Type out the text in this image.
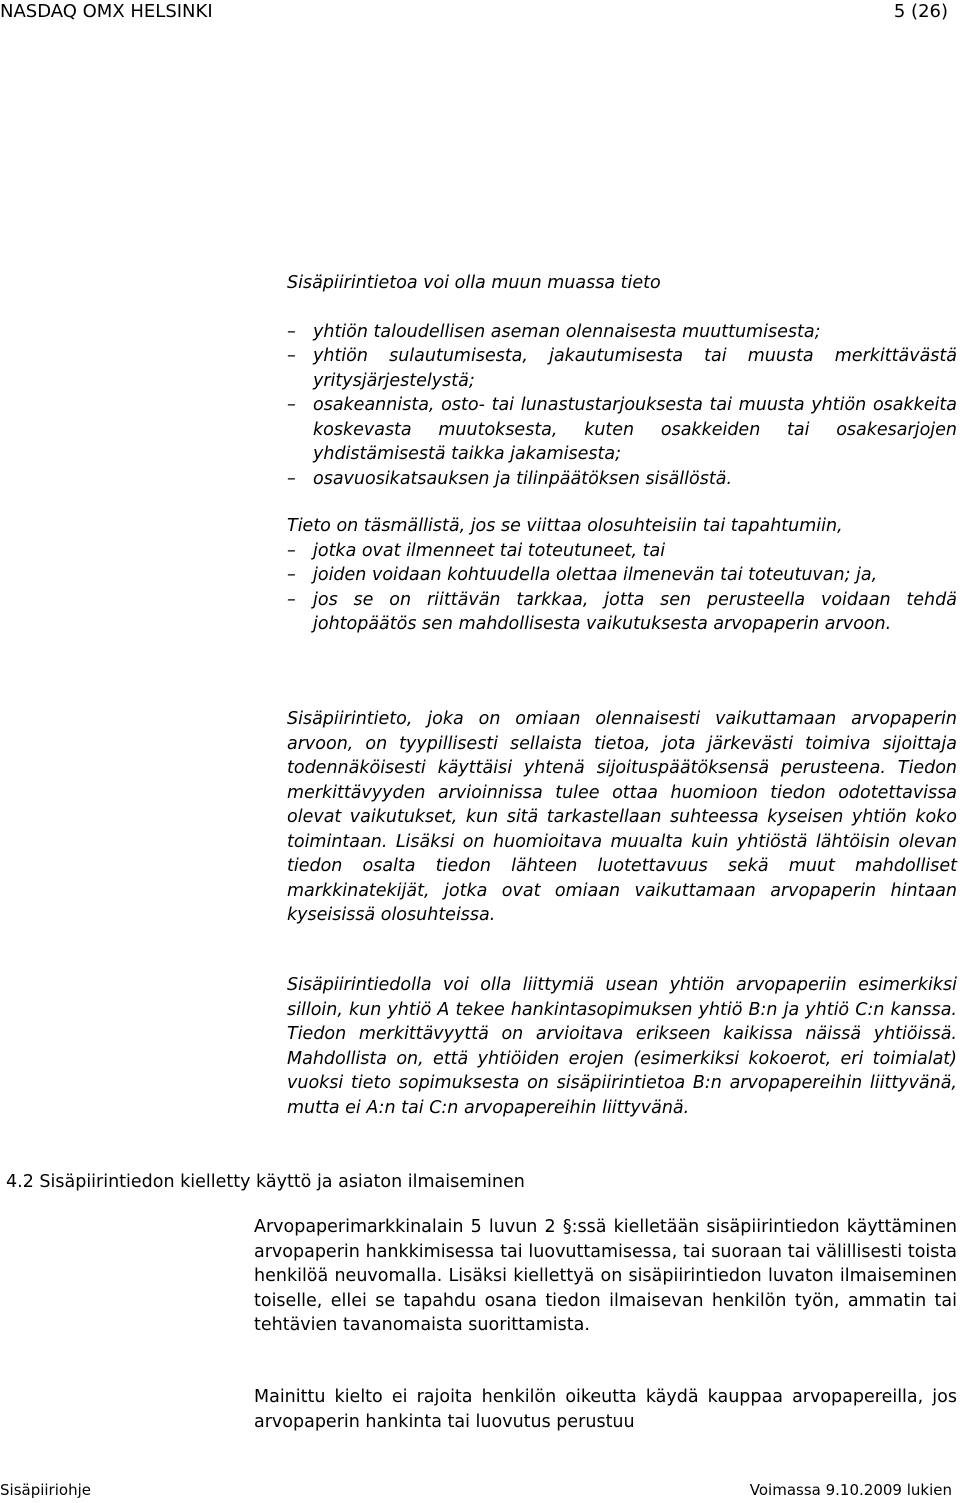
NASDAQ OMX HELSINKI	5 (26)
Sisäpiirintietoa voi olla muun muassa tieto
– yhtiön taloudellisen aseman olennaisesta muuttumisesta;
– yhtiön sulautumisesta, jakautumisesta tai muusta merkittävästä yritysjärjestelystä;
– osakeannista, osto- tai lunastustarjouksesta tai muusta yhtiön osakkeita koskevasta muutoksesta, kuten osakkeiden tai osakesarjojen yhdistämisestä taikka jakamisesta;
– osavuosikatsauksen ja tilinpäätöksen sisällöstä.
Tieto on täsmällistä, jos se viittaa olosuhteisiin tai tapahtumiin,
– jotka ovat ilmenneet tai toteutuneet, tai
– joiden voidaan kohtuudella olettaa ilmenevän tai toteutuvan; ja,
– jos se on riittävän tarkkaa, jotta sen perusteella voidaan tehdä johtopäätös sen mahdollisesta vaikutuksesta arvopaperin arvoon.
Sisäpiirintieto, joka on omiaan olennaisesti vaikuttamaan arvopaperin arvoon, on tyypillisesti sellaista tietoa, jota järkevästi toimiva sijoittaja todennäköisesti käyttäisi yhtenä sijoituspäätöksensä perusteena. Tiedon merkittävyyden arvioinnissa tulee ottaa huomioon tiedon odotettavissa olevat vaikutukset, kun sitä tarkastellaan suhteessa kyseisen yhtiön koko toimintaan. Lisäksi on huomioitava muualta kuin yhtiöstä lähtöisin olevan tiedon osalta tiedon lähteen luotettavuus sekä muut mahdolliset markkinatekijät, jotka ovat omiaan vaikuttamaan arvopaperin hintaan kyseisissä olosuhteissa.
Sisäpiirintiedolla voi olla liittymiä usean yhtiön arvopaperiin esimerkiksi silloin, kun yhtiö A tekee hankintasopimuksen yhtiö B:n ja yhtiö C:n kanssa. Tiedon merkittävyyttä on arvioitava erikseen kaikissa näissä yhtiöissä. Mahdollista on, että yhtiöiden erojen (esimerkiksi kokoerot, eri toimialat) vuoksi tieto sopimuksesta on sisäpiirintietoa B:n arvopapereihin liittyvänä, mutta ei A:n tai C:n arvopapereihin liittyvänä.
4.2 Sisäpiirintiedon kielletty käyttö ja asiaton ilmaiseminen
Arvopaperimarkkinalain 5 luvun 2 §:ssä kielletään sisäpiirintiedon käyttäminen arvopaperin hankkimisessa tai luovuttamisessa, tai suoraan tai välillisesti toista henkilöä neuvomalla. Lisäksi kiellettyä on sisäpiirintiedon luvaton ilmaiseminen toiselle, ellei se tapahdu osana tiedon ilmaisevan henkilön työn, ammatin tai tehtävien tavanomaista suorittamista.
Mainittu kielto ei rajoita henkilön oikeutta käydä kauppaa arvopapereilla, jos arvopaperin hankinta tai luovutus perustuu
Sisäpiiriohje	Voimassa 9.10.2009 lukien
